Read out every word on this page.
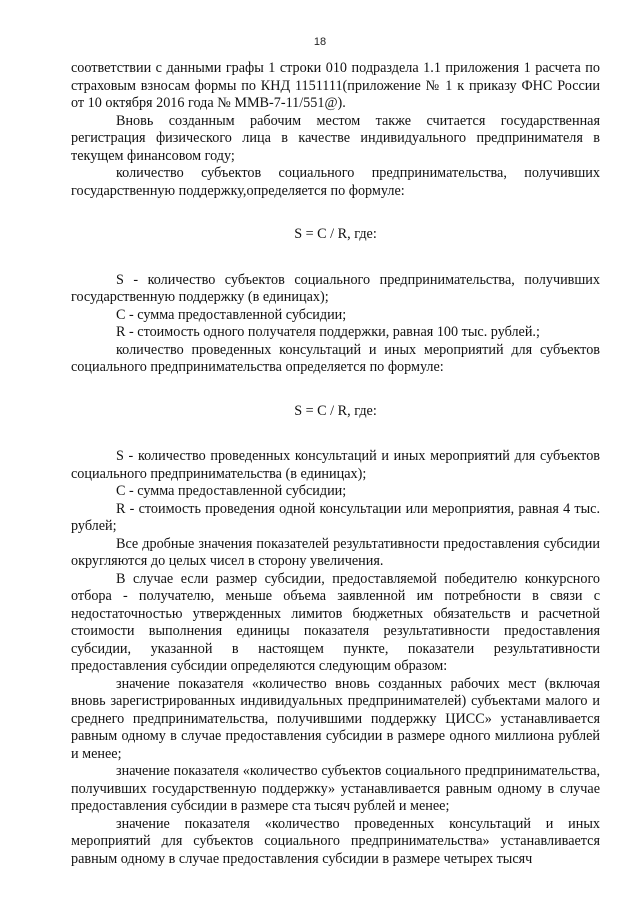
18

соответствии с данными графы 1 строки 010 подраздела 1.1 приложения 1 расчета по страховым взносам формы по КНД 1151111(приложение № 1 к приказу ФНС России от 10 октября 2016 года № ММВ-7-11/551@).

Вновь созданным рабочим местом также считается государственная регистрация физического лица в качестве индивидуального предпринимателя в текущем финансовом году;

количество субъектов социального предпринимательства, получивших государственную поддержку,определяется по формуле:

S = C / R, где:

S - количество субъектов социального предпринимательства, получивших государственную поддержку (в единицах);

C - сумма предоставленной субсидии;

R - стоимость одного получателя поддержки, равная 100 тыс. рублей.;

количество проведенных консультаций и иных мероприятий для субъектов социального предпринимательства определяется по формуле:

S = C / R, где:

S - количество проведенных консультаций и иных мероприятий для субъектов социального предпринимательства (в единицах);

C - сумма предоставленной субсидии;

R - стоимость проведения одной консультации или мероприятия, равная 4 тыс. рублей;

Все дробные значения показателей результативности предоставления субсидии округляются до целых чисел в сторону увеличения.

В случае если размер субсидии, предоставляемой победителю конкурсного отбора - получателю, меньше объема заявленной им потребности в связи с недостаточностью утвержденных лимитов бюджетных обязательств и расчетной стоимости выполнения единицы показателя результативности предоставления субсидии, указанной в настоящем пункте, показатели результативности предоставления субсидии определяются следующим образом:

значение показателя «количество вновь созданных рабочих мест (включая вновь зарегистрированных индивидуальных предпринимателей) субъектами малого и среднего предпринимательства, получившими поддержку ЦИСС» устанавливается равным одному в случае предоставления субсидии в размере одного миллиона рублей и менее;

значение показателя «количество субъектов социального предпринимательства, получивших государственную поддержку» устанавливается равным одному в случае предоставления субсидии в размере ста тысяч рублей и менее;

значение показателя «количество проведенных консультаций и иных мероприятий для субъектов социального предпринимательства» устанавливается равным одному в случае предоставления субсидии в размере четырех тысяч
